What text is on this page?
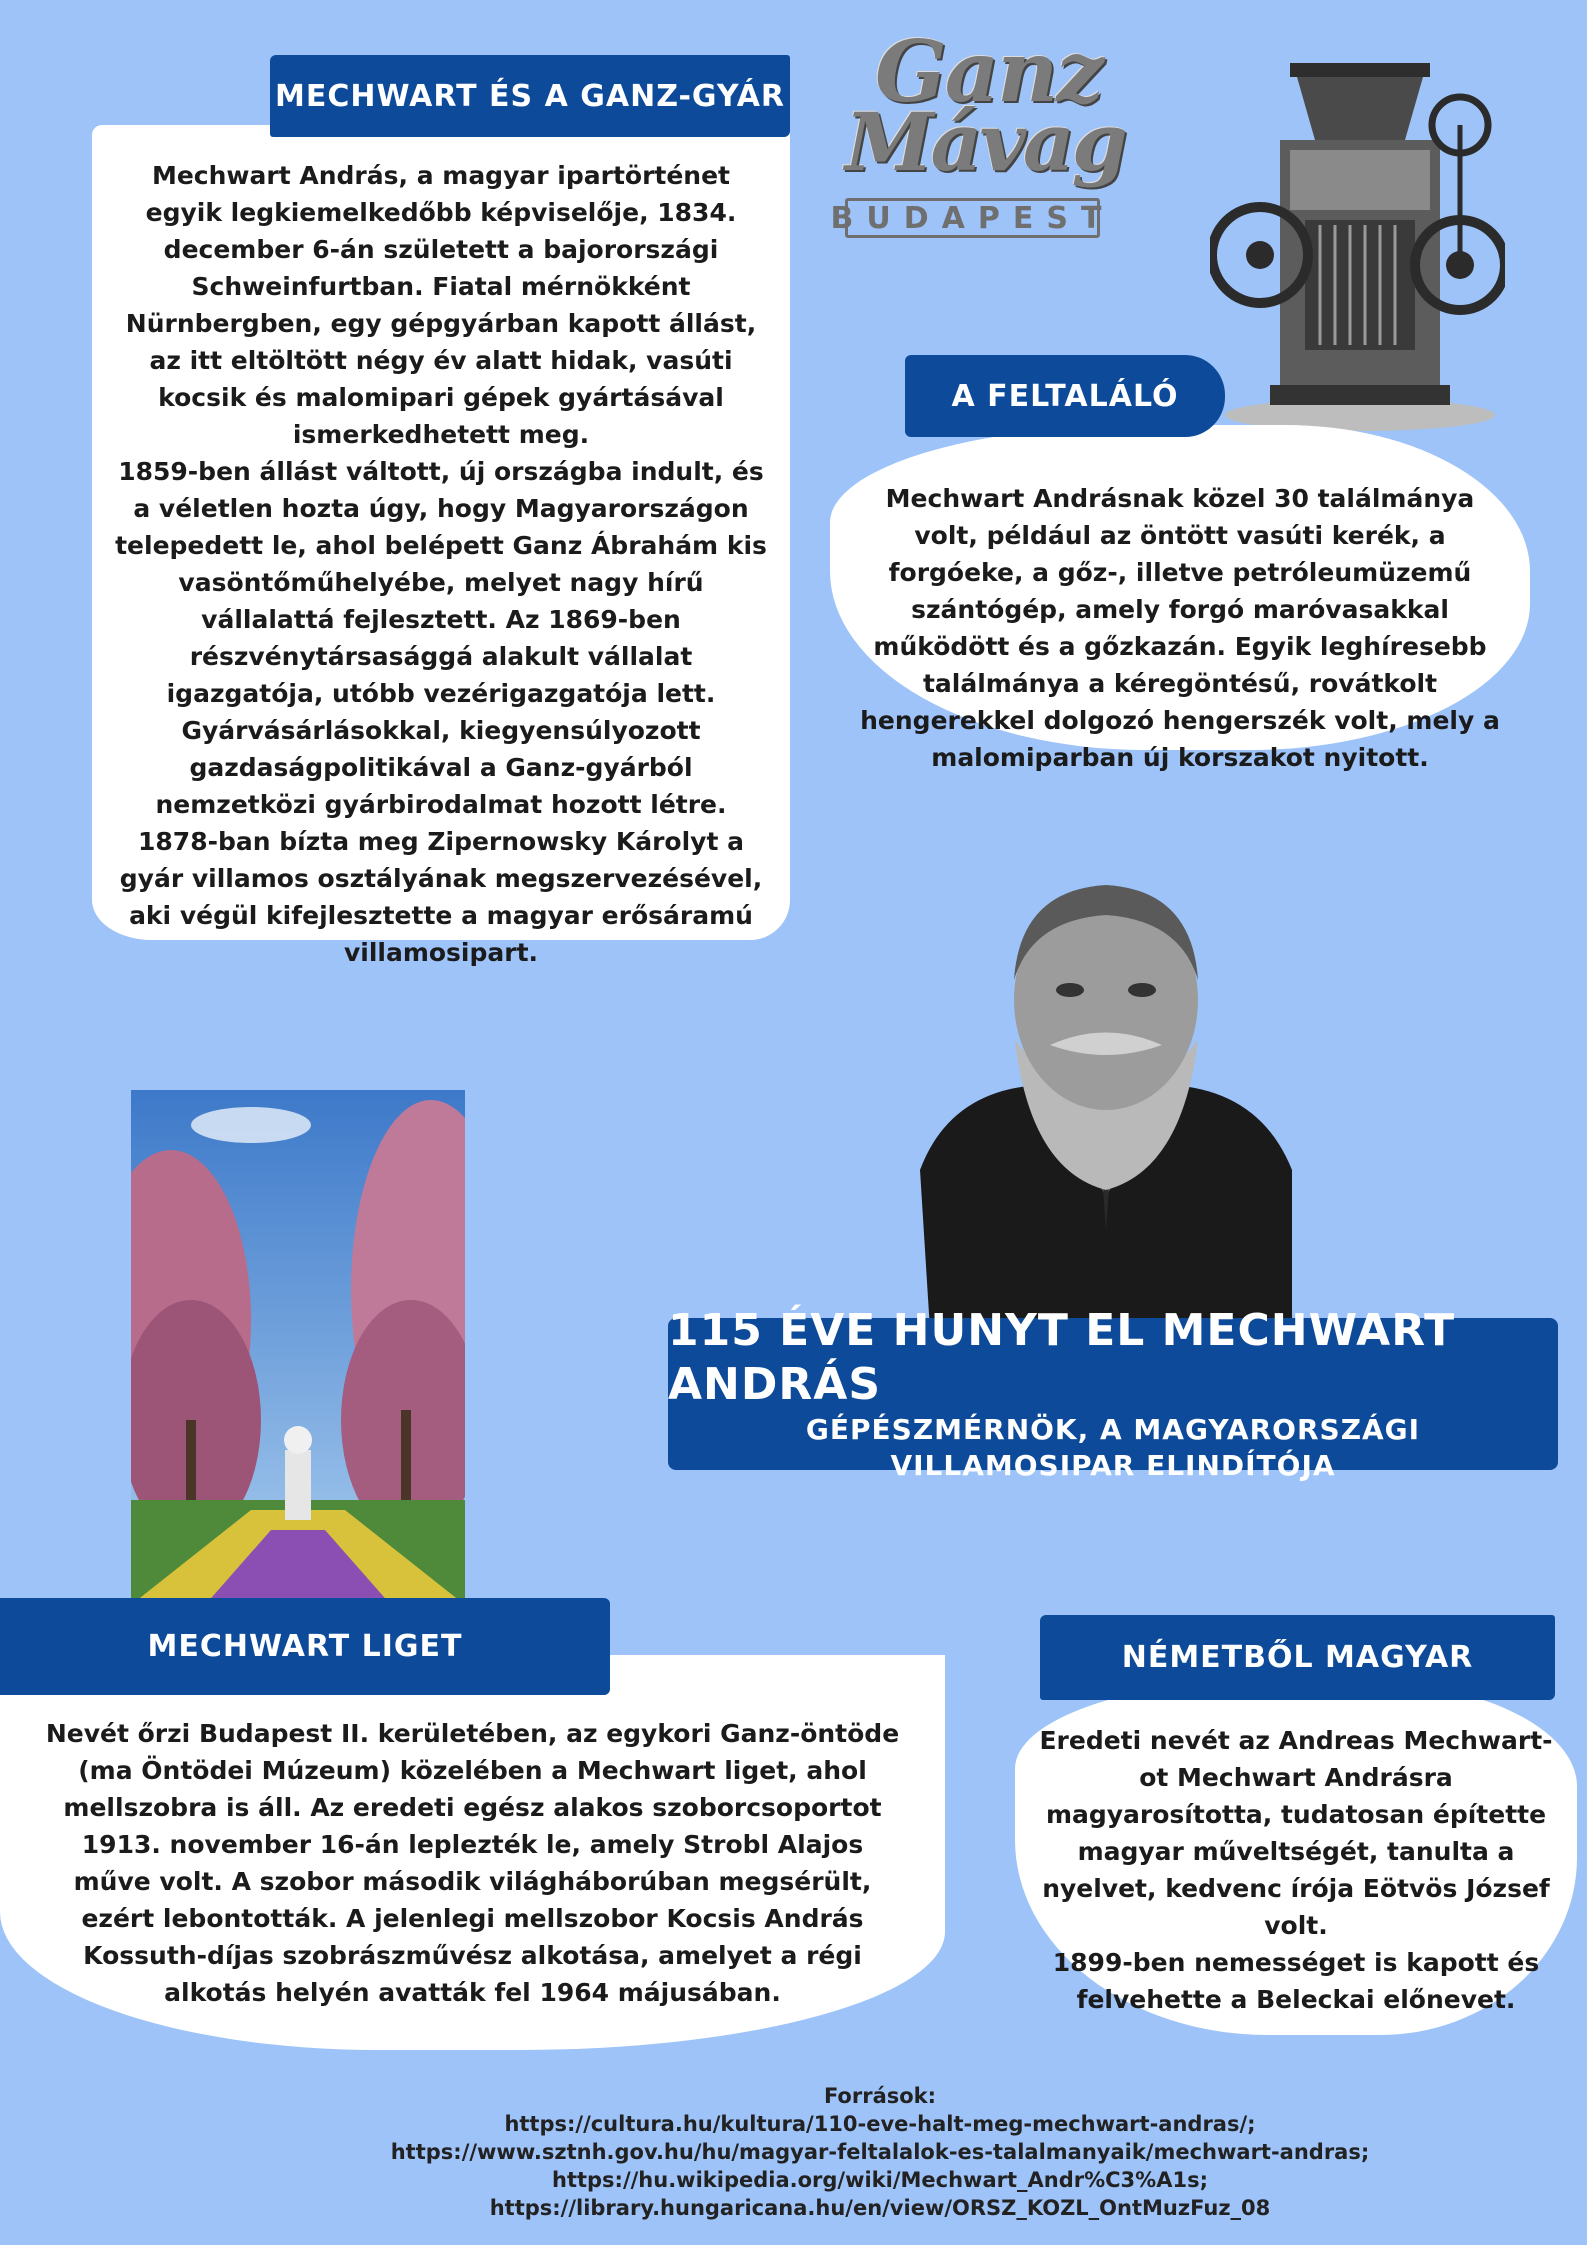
Mechwart András, a magyar ipartörténet egyik legkiemelkedőbb képviselője, 1834. december 6-án született a bajorországi Schweinfurtban. Fiatal mérnökként Nürnbergben, egy gépgyárban kapott állást, az itt eltöltött négy év alatt hidak, vasúti kocsik és malomipari gépek gyártásával ismerkedhetett meg.
1859-ben állást váltott, új országba indult, és a véletlen hozta úgy, hogy Magyarországon telepedett le, ahol belépett Ganz Ábrahám kis vasöntőműhelyébe, melyet nagy hírű vállalattá fejlesztett. Az 1869-ben részvénytársasággá alakult vállalat igazgatója, utóbb vezérigazgatója lett. Gyárvásárlásokkal, kiegyensúlyozott gazdaságpolitikával a Ganz-gyárból nemzetközi gyárbirodalmat hozott létre.
1878-ban bízta meg Zipernowsky Károlyt a gyár villamos osztályának megszervezésével, aki végül kifejlesztette a magyar erősáramú villamosipart.

MECHWART ÉS A GANZ-GYÁR Ganz
Mávag
BUDAPEST

Mechwart Andrásnak közel 30 találmánya volt, például az öntött vasúti kerék, a forgóeke, a gőz-, illetve petróleumüzemű szántógép, amely forgó maróvasakkal működött és a gőzkazán. Egyik leghíresebb találmánya a kéregöntésű, rovátkolt hengerekkel dolgozó hengerszék volt, mely a malomiparban új korszakot nyitott.

A FELTALÁLÓ
115 ÉVE HUNYT EL MECHWART ANDRÁS
GÉPÉSZMÉRNÖK, A MAGYARORSZÁGI VILLAMOSIPAR ELINDÍTÓJA

Nevét őrzi Budapest II. kerületében, az egykori Ganz-öntöde (ma Öntödei Múzeum) közelében a Mechwart liget, ahol mellszobra is áll. Az eredeti egész alakos szoborcsoportot 1913. november 16-án leplezték le, amely Strobl Alajos műve volt. A szobor második világháborúban megsérült, ezért lebontották. A jelenlegi mellszobor Kocsis András Kossuth-díjas szobrászművész alkotása, amelyet a régi alkotás helyén avatták fel 1964 májusában.

MECHWART LIGET

Eredeti nevét az Andreas Mechwart-ot Mechwart Andrásra magyarosította, tudatosan építette magyar műveltségét, tanulta a nyelvet, kedvenc írója Eötvös József volt.
1899-ben nemességet is kapott és felvehette a Beleckai előnevet.

NÉMETBŐL MAGYAR
Források:
https://cultura.hu/kultura/110-eve-halt-meg-mechwart-andras/; https://www.sztnh.gov.hu/hu/magyar-feltalalok-es-talalmanyaik/mechwart-andras; https://hu.wikipedia.org/wiki/Mechwart_Andr%C3%A1s; https://library.hungaricana.hu/en/view/ORSZ_KOZL_OntMuzFuz_08
